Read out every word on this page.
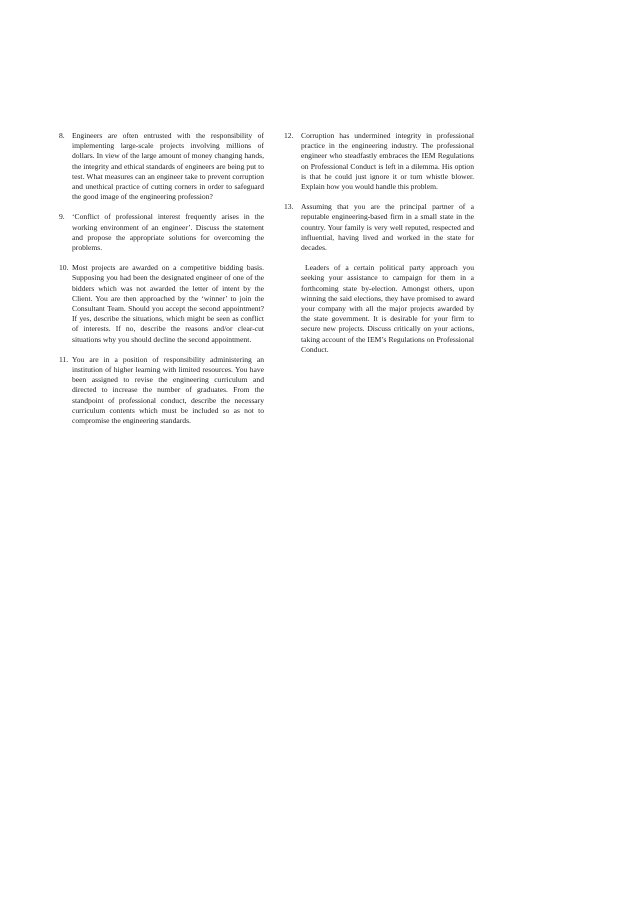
8. Engineers are often entrusted with the responsibility of implementing large-scale projects involving millions of dollars. In view of the large amount of money changing hands, the integrity and ethical standards of engineers are being put to test. What measures can an engineer take to prevent corruption and unethical practice of cutting corners in order to safeguard the good image of the engineering profession?
9. ‘Conflict of professional interest frequently arises in the working environment of an engineer’. Discuss the statement and propose the appropriate solutions for overcoming the problems.
10. Most projects are awarded on a competitive bidding basis. Supposing you had been the designated engineer of one of the bidders which was not awarded the letter of intent by the Client. You are then approached by the ‘winner’ to join the Consultant Team. Should you accept the second appointment? If yes, describe the situations, which might be seen as conflict of interests. If no, describe the reasons and/or clear-cut situations why you should decline the second appointment.
11. You are in a position of responsibility administering an institution of higher learning with limited resources. You have been assigned to revise the engineering curriculum and directed to increase the number of graduates. From the standpoint of professional conduct, describe the necessary curriculum contents which must be included so as not to compromise the engineering standards.
12. Corruption has undermined integrity in professional practice in the engineering industry. The professional engineer who steadfastly embraces the IEM Regulations on Professional Conduct is left in a dilemma. His option is that he could just ignore it or turn whistle blower. Explain how you would handle this problem.
13. Assuming that you are the principal partner of a reputable engineering-based firm in a small state in the country. Your family is very well reputed, respected and influential, having lived and worked in the state for decades.

Leaders of a certain political party approach you seeking your assistance to campaign for them in a forthcoming state by-election. Amongst others, upon winning the said elections, they have promised to award your company with all the major projects awarded by the state government. It is desirable for your firm to secure new projects. Discuss critically on your actions, taking account of the IEM’s Regulations on Professional Conduct.
